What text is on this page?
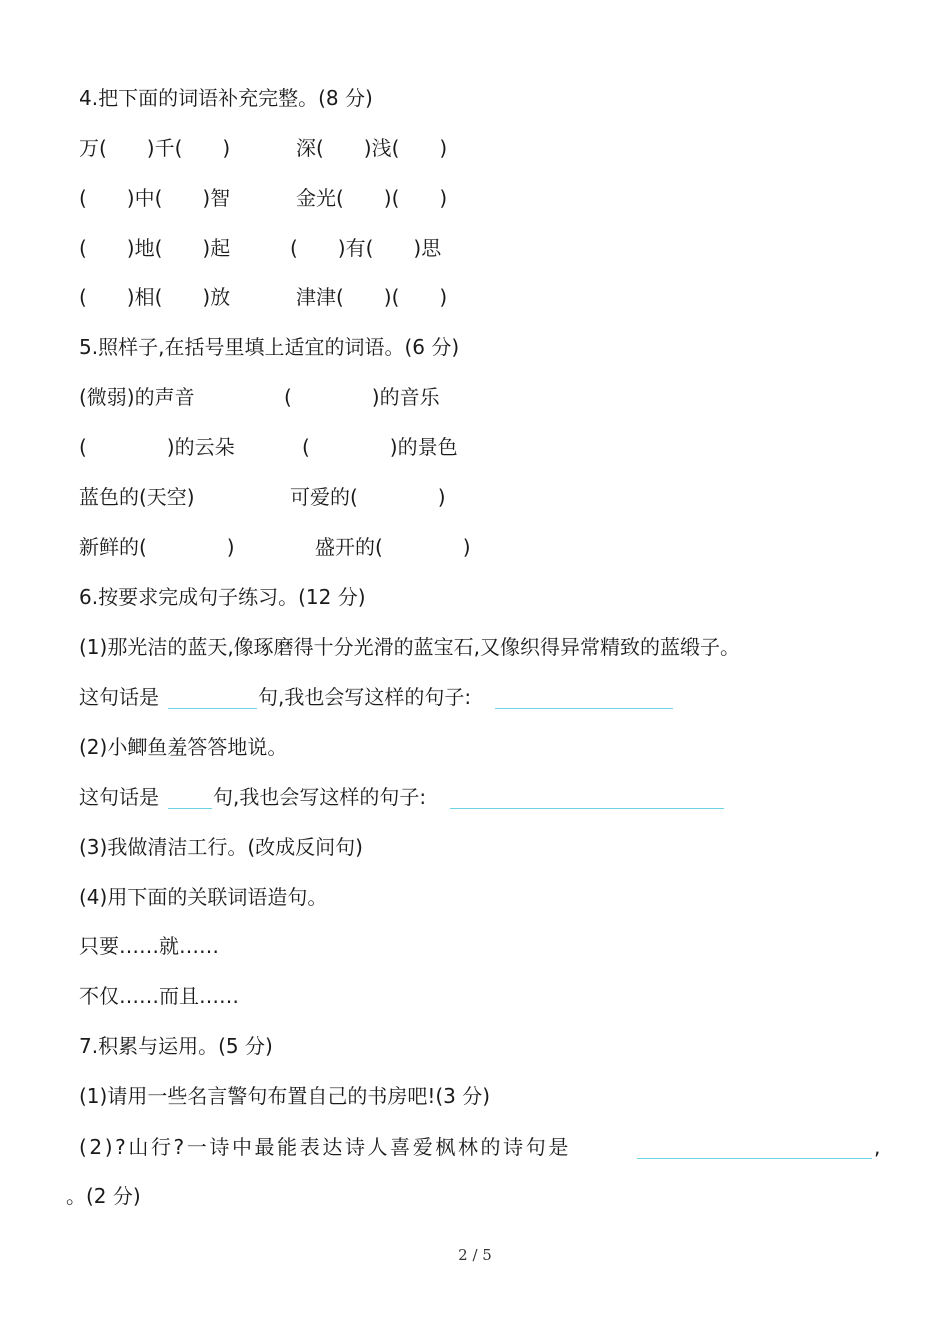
4.把下面的词语补充完整。(8 分)
万(　　)千(　　)	深(　　)浅(　　)
(　　)中(　　)智	金光(　　)(　　)
(　　)地(　　)起	(　　)有(　　)思
(　　)相(　　)放	津津(　　)(　　)
5.照样子,在括号里填上适宜的词语。(6 分)
(微弱)的声音	(　　　　)的音乐
(　　　　)的云朵	(　　　　)的景色
蓝色的(天空)	可爱的(　　　　)
新鲜的(　　　　)	盛开的(　　　　)
6.按要求完成句子练习。(12 分)
(1)那光洁的蓝天,像琢磨得十分光滑的蓝宝石,又像织得异常精致的蓝缎子。
这句话是	句,我也会写这样的句子:
(2)小鲫鱼羞答答地说。
这句话是	句,我也会写这样的句子:
(3)我做清洁工行。(改成反问句)
(4)用下面的关联词语造句。
只要……就……
不仅……而且……
7.积累与运用。(5 分)
(1)请用一些名言警句布置自己的书房吧!(3 分)
(2)?山行?一诗中最能表达诗人喜爱枫林的诗句是	,
。(2 分)
2 / 5
